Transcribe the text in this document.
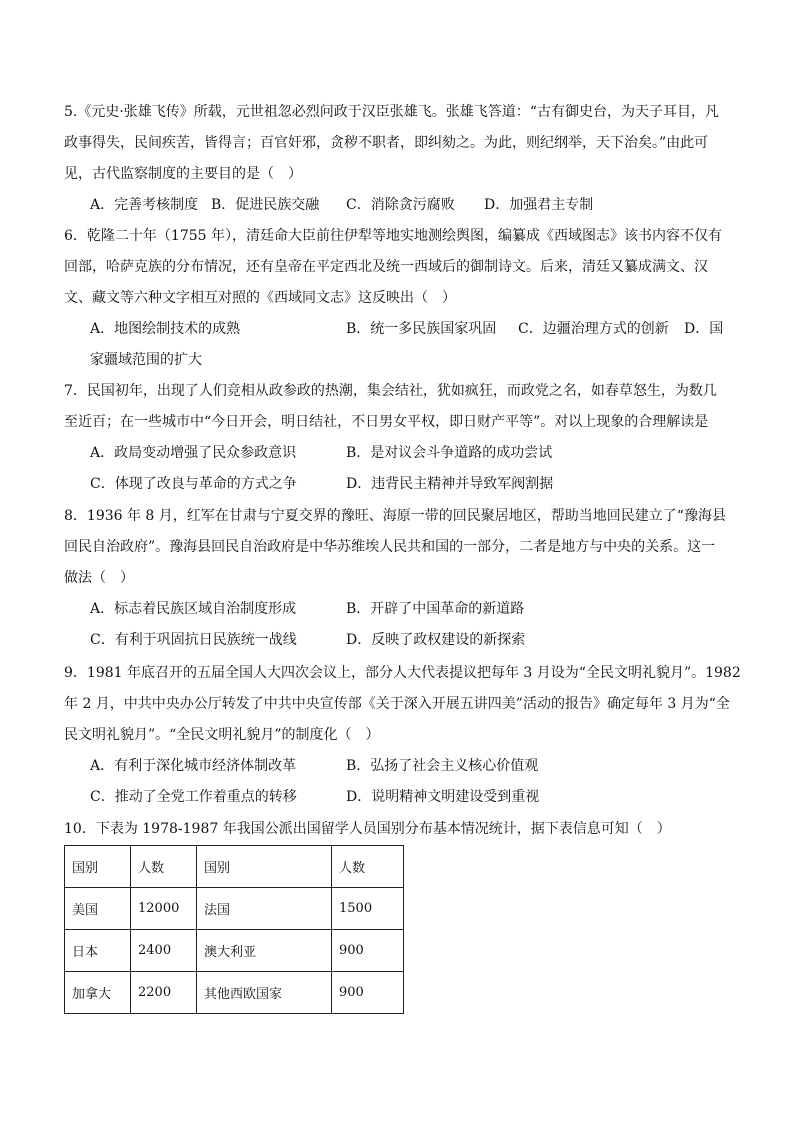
5.《元史·张雄飞传》所载，元世祖忽必烈问政于汉臣张雄飞。张雄飞答道：“古有御史台，为天子耳目，凡

政事得失，民间疾苦，皆得言；百官奸邪，贪秽不职者，即纠劾之。为此，则纪纲举，天下治矣。”由此可

见，古代监察制度的主要目的是（　）

A．完善考核制度 B．促进民族交融 C．消除贪污腐败 D．加强君主专制

6．乾隆二十年（1755 年），清廷命大臣前往伊犁等地实地测绘舆图，编纂成《西域图志》该书内容不仅有

回部，哈萨克族的分布情况，还有皇帝在平定西北及统一西域后的御制诗文。后来，清廷又纂成满文、汉

文、藏文等六种文字相互对照的《西域同文志》这反映出（　）

A．地图绘制技术的成熟	B．统一多民族国家巩固 C．边疆治理方式的创新 D．国
家疆域范围的扩大

7．民国初年，出现了人们竞相从政参政的热潮，集会结社，犹如疯狂，而政党之名，如春草怒生，为数几

至近百；在一些城市中“今日开会，明日结社，不日男女平权，即日财产平等”。对以上现象的合理解读是

A．政局变动增强了民众参政意识	B．是对议会斗争道路的成功尝试
C．体现了改良与革命的方式之争	D．违背民主精神并导致军阀割据

8．1936 年 8 月，红军在甘肃与宁夏交界的豫旺、海原一带的回民聚居地区，帮助当地回民建立了“豫海县

回民自治政府”。豫海县回民自治政府是中华苏维埃人民共和国的一部分，二者是地方与中央的关系。这一

做法（　）

A．标志着民族区域自治制度形成	B．开辟了中国革命的新道路
C．有利于巩固抗日民族统一战线	D．反映了政权建设的新探索

9．1981 年底召开的五届全国人大四次会议上，部分人大代表提议把每年 3 月设为“全民文明礼貌月”。1982

年 2 月，中共中央办公厅转发了中共中央宣传部《关于深入开展五讲四美”活动的报告》确定每年 3 月为“全

民文明礼貌月”。“全民文明礼貌月”的制度化（　）

A．有利于深化城市经济体制改革	B．弘扬了社会主义核心价值观
C．推动了全党工作着重点的转移	D．说明精神文明建设受到重视

10．下表为 1978-1987 年我国公派出国留学人员国别分布基本情况统计，据下表信息可知（　）

国别	人数	国别	人数
美国	12000	法国	1500
日本	2400	澳大利亚	900
加拿大	2200	其他西欧国家	900
